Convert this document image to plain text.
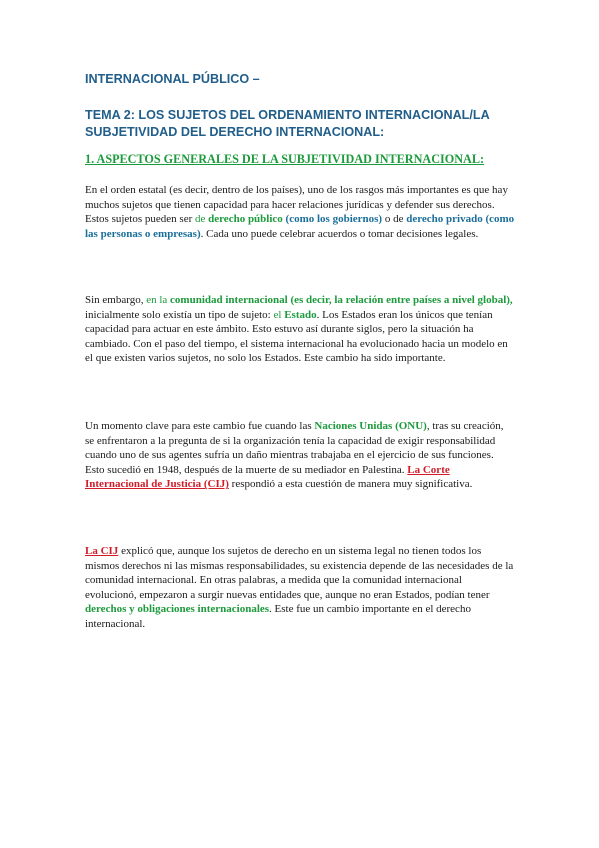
INTERNACIONAL PÚBLICO –
TEMA 2: LOS SUJETOS DEL ORDENAMIENTO INTERNACIONAL/LA SUBJETIVIDAD DEL DERECHO INTERNACIONAL:
1. ASPECTOS GENERALES DE LA SUBJETIVIDAD INTERNACIONAL:

En el orden estatal (es decir, dentro de los países), uno de los rasgos más importantes es que hay muchos sujetos que tienen capacidad para hacer relaciones jurídicas y defender sus derechos. Estos sujetos pueden ser de derecho público (como los gobiernos) o de derecho privado (como las personas o empresas). Cada uno puede celebrar acuerdos o tomar decisiones legales.

Sin embargo, en la comunidad internacional (es decir, la relación entre países a nivel global), inicialmente solo existía un tipo de sujeto: el Estado. Los Estados eran los únicos que tenían capacidad para actuar en este ámbito. Esto estuvo así durante siglos, pero la situación ha cambiado. Con el paso del tiempo, el sistema internacional ha evolucionado hacia un modelo en el que existen varios sujetos, no solo los Estados. Este cambio ha sido importante.

Un momento clave para este cambio fue cuando las Naciones Unidas (ONU), tras su creación, se enfrentaron a la pregunta de si la organización tenía la capacidad de exigir responsabilidad cuando uno de sus agentes sufría un daño mientras trabajaba en el ejercicio de sus funciones. Esto sucedió en 1948, después de la muerte de su mediador en Palestina. La Corte Internacional de Justicia (CIJ) respondió a esta cuestión de manera muy significativa.

La CIJ explicó que, aunque los sujetos de derecho en un sistema legal no tienen todos los mismos derechos ni las mismas responsabilidades, su existencia depende de las necesidades de la comunidad internacional. En otras palabras, a medida que la comunidad internacional evolucionó, empezaron a surgir nuevas entidades que, aunque no eran Estados, podían tener derechos y obligaciones internacionales. Este fue un cambio importante en el derecho internacional.
